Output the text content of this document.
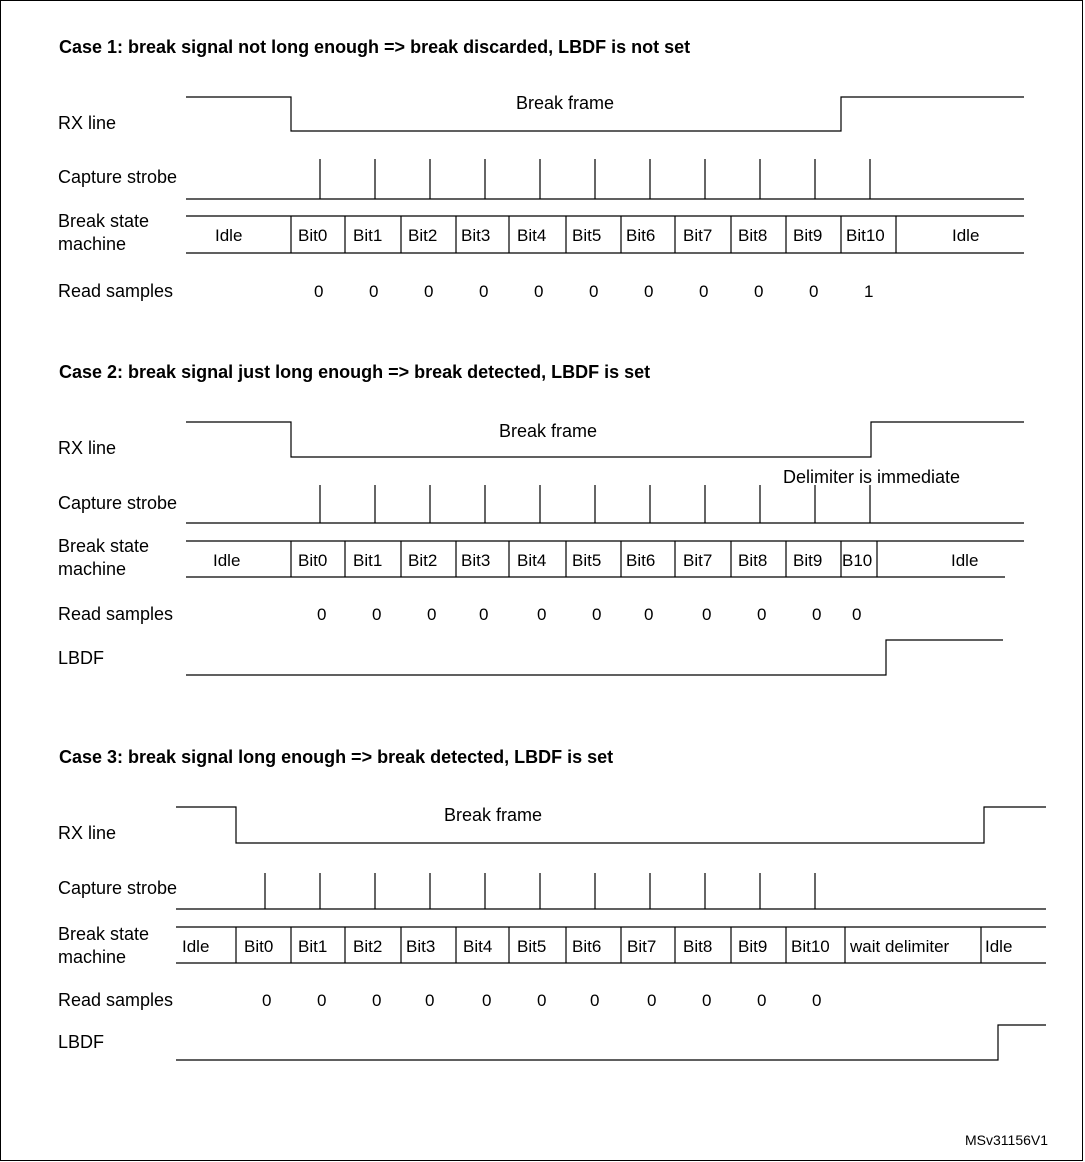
Case 1: break signal not long enough => break discarded, LBDF is not set
RX line
Break frame
Capture strobe
Break state
machine	Idle	Bit0 Bit1 Bit2 Bit3 Bit4 Bit5 Bit6 Bit7 Bit8 Bit9 Bit10	Idle
Read samples	0	0	0	0	0	0	0	0	0	0	1
Case 2: break signal just long enough => break detected, LBDF is set
RX line
Break frame
Delimiter is immediate
Capture strobe
Break state
machine	Idle	Bit0 Bit1 Bit2 Bit3 Bit4 Bit5 Bit6 Bit7 Bit8 Bit9 B10	Idle
Read samples	0	0	0	0	0	0	0	0	0	0 0
LBDF
Case 3: break signal long enough => break detected, LBDF is set
RX line
Break frame
Capture strobe
Break state
machine
Idle Bit0 Bit1 Bit2 Bit3 Bit4 Bit5 Bit6 Bit7 Bit8 Bit9 Bit10 wait delimiter Idle
Read samples	0	0	0	0	0	0	0	0	0	0	0
LBDF
MSv31156V1
